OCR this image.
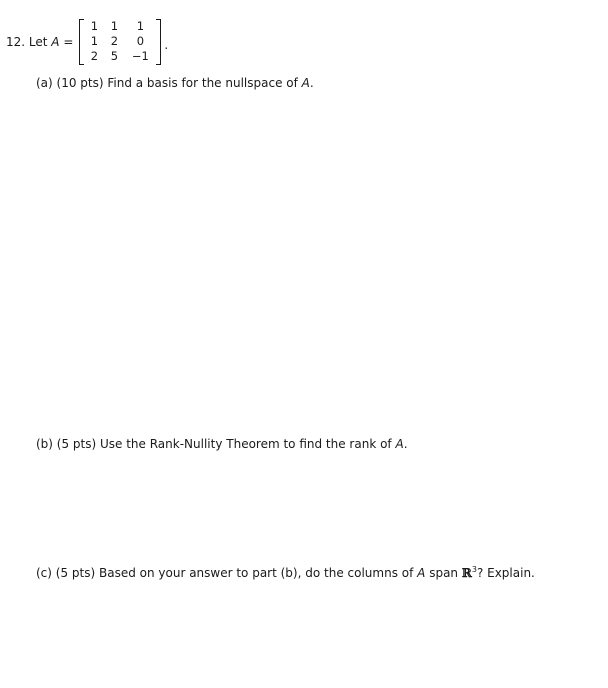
12. Let
A
=
1	1	1
1	2	0
2	5	−1
.
(a) (10 pts) Find a basis for the nullspace of A.
(b) (5 pts) Use the Rank-Nullity Theorem to find the rank of A.
(c) (5 pts) Based on your answer to part (b), do the columns of A span ℝ$^3$? Explain.
